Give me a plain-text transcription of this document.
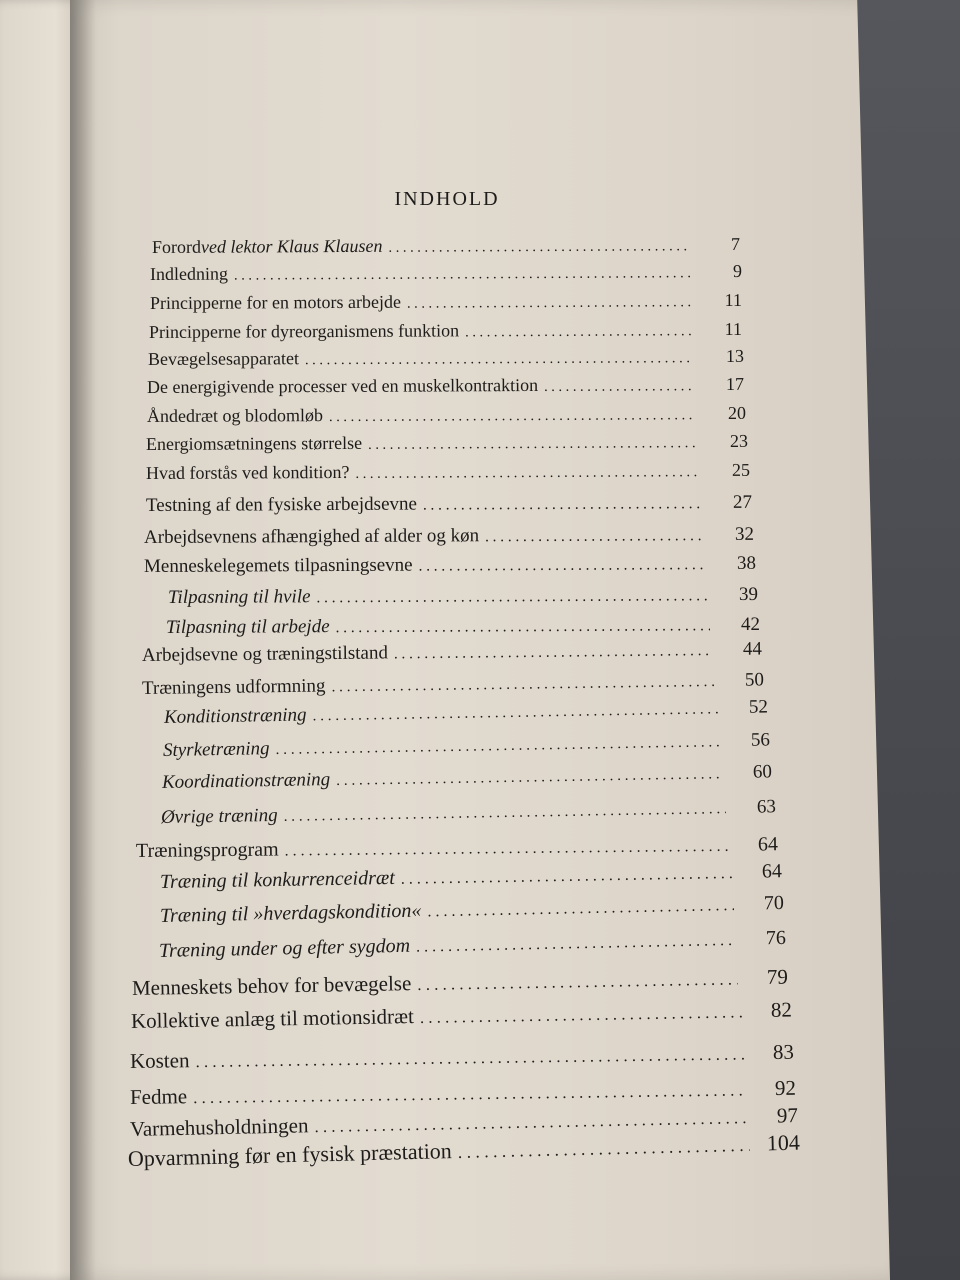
INDHOLD
Forord ved lektor Klaus Klausen . . .	7
Indledning . . .	9
Principperne for en motors arbejde . . .	11
Principperne for dyreorganismens funktion . . .	11
Bevægelsesapparatet . . .	13
De energigivende processer ved en muskelkontraktion . . .	17
Åndedræt og blodomløb . . .	20
Energiomsætningens størrelse . . .	23
Hvad forstås ved kondition? . . .	25
Testning af den fysiske arbejdsevne . . .	27
Arbejdsevnens afhængighed af alder og køn . . .	32
Menneskelegemets tilpasningsevne . . .	38
Tilpasning til hvile . . .	39
Tilpasning til arbejde . . .	42
Arbejdsevne og træningstilstand . . .	44
Træningens udformning . . .	50
Konditionstræning . . .	52
Styrketræning . . .	56
Koordinationstræning . . .	60
Øvrige træning . . .	63
Træningsprogram . . .	64
Træning til konkurrenceidræt . . .	64
Træning til »hverdagskondition« . . .	70
Træning under og efter sygdom . . .	76
Menneskets behov for bevægelse . . .	79
Kollektive anlæg til motionsidræt . . .	82
Kosten . . .	83
Fedme . . .	92
Varmehusholdningen . . .	97
Opvarmning før en fysisk præstation . . .	104
